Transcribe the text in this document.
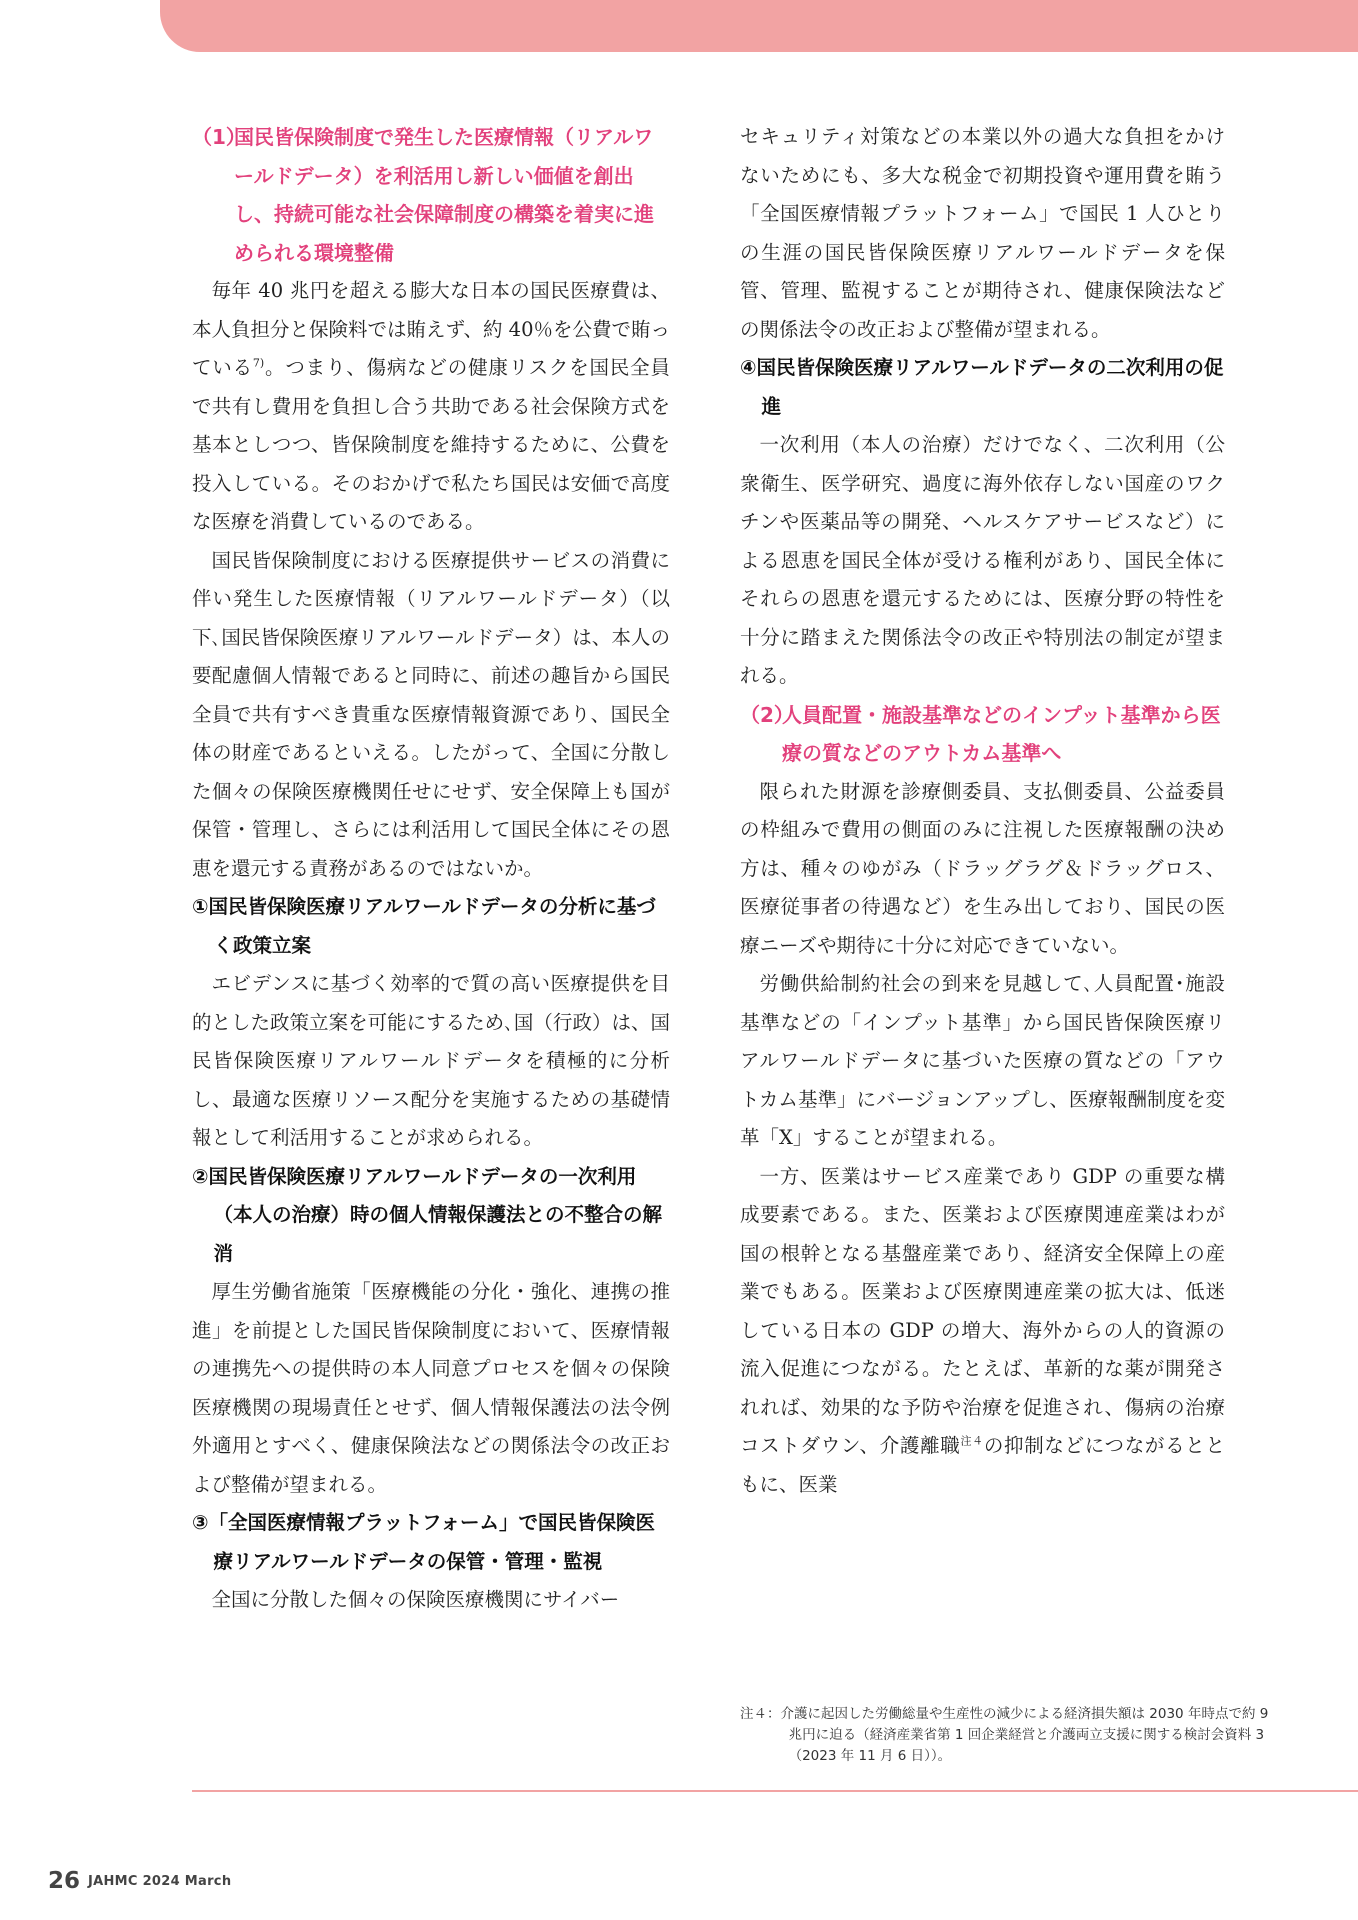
（1）国民皆保険制度で発生した医療情報（リアルワールドデータ）を利活用し新しい価値を創出し、持続可能な社会保障制度の構築を着実に進められる環境整備

毎年 40 兆円を超える膨大な日本の国民医療費は、本人負担分と保険料では賄えず、約 40％を公費で賄っている$^{7)}$。つまり、傷病などの健康リスクを国民全員で共有し費用を負担し合う共助である社会保険方式を基本としつつ、皆保険制度を維持するために、公費を投入している。そのおかげで私たち国民は安価で高度な医療を消費しているのである。

国民皆保険制度における医療提供サービスの消費に伴い発生した医療情報（リアルワールドデータ）（以下､国民皆保険医療リアルワールドデータ）は、本人の要配慮個人情報であると同時に、前述の趣旨から国民全員で共有すべき貴重な医療情報資源であり、国民全体の財産であるといえる。したがって、全国に分散した個々の保険医療機関任せにせず、安全保障上も国が保管・管理し、さらには利活用して国民全体にその恩恵を還元する責務があるのではないか。

①国民皆保険医療リアルワールドデータの分析に基づく政策立案

エビデンスに基づく効率的で質の高い医療提供を目的とした政策立案を可能にするため､国（行政）は、国民皆保険医療リアルワールドデータを積極的に分析し、最適な医療リソース配分を実施するための基礎情報として利活用することが求められる。

②国民皆保険医療リアルワールドデータの一次利用（本人の治療）時の個人情報保護法との不整合の解消

厚生労働省施策「医療機能の分化・強化、連携の推進」を前提とした国民皆保険制度において、医療情報の連携先への提供時の本人同意プロセスを個々の保険医療機関の現場責任とせず、個人情報保護法の法令例外適用とすべく、健康保険法などの関係法令の改正および整備が望まれる。

③「全国医療情報プラットフォーム」で国民皆保険医療リアルワールドデータの保管・管理・監視

全国に分散した個々の保険医療機関にサイバー

セキュリティ対策などの本業以外の過大な負担をかけないためにも、多大な税金で初期投資や運用費を賄う「全国医療情報プラットフォーム」で国民 1 人ひとりの生涯の国民皆保険医療リアルワールドデータを保管、管理、監視することが期待され、健康保険法などの関係法令の改正および整備が望まれる。

④国民皆保険医療リアルワールドデータの二次利用の促進

一次利用（本人の治療）だけでなく、二次利用（公衆衛生、医学研究、過度に海外依存しない国産のワクチンや医薬品等の開発、ヘルスケアサービスなど）による恩恵を国民全体が受ける権利があり、国民全体にそれらの恩恵を還元するためには、医療分野の特性を十分に踏まえた関係法令の改正や特別法の制定が望まれる。

（2）人員配置・施設基準などのインプット基準から医療の質などのアウトカム基準へ

限られた財源を診療側委員、支払側委員、公益委員の枠組みで費用の側面のみに注視した医療報酬の決め方は、種々のゆがみ（ドラッグラグ＆ドラッグロス、医療従事者の待遇など）を生み出しており、国民の医療ニーズや期待に十分に対応できていない。

労働供給制約社会の到来を見越して､人員配置･施設基準などの「インプット基準」から国民皆保険医療リアルワールドデータに基づいた医療の質などの「アウトカム基準」にバージョンアップし、医療報酬制度を変革「X」することが望まれる。

一方、医業はサービス産業であり GDP の重要な構成要素である。また、医業および医療関連産業はわが国の根幹となる基盤産業であり、経済安全保障上の産業でもある。医業および医療関連産業の拡大は、低迷している日本の GDP の増大、海外からの人的資源の流入促進につながる。たとえば、革新的な薬が開発されれば、効果的な予防や治療を促進され、傷病の治療コストダウン、介護離職$^{注4}$の抑制などにつながるとともに、医業

注４：介護に起因した労働総量や生産性の減少による経済損失額は 2030 年時点で約 9 兆円に迫る（経済産業省第 1 回企業経営と介護両立支援に関する検討会資料 3（2023 年 11 月 6 日））。
26 JAHMC 2024 March
